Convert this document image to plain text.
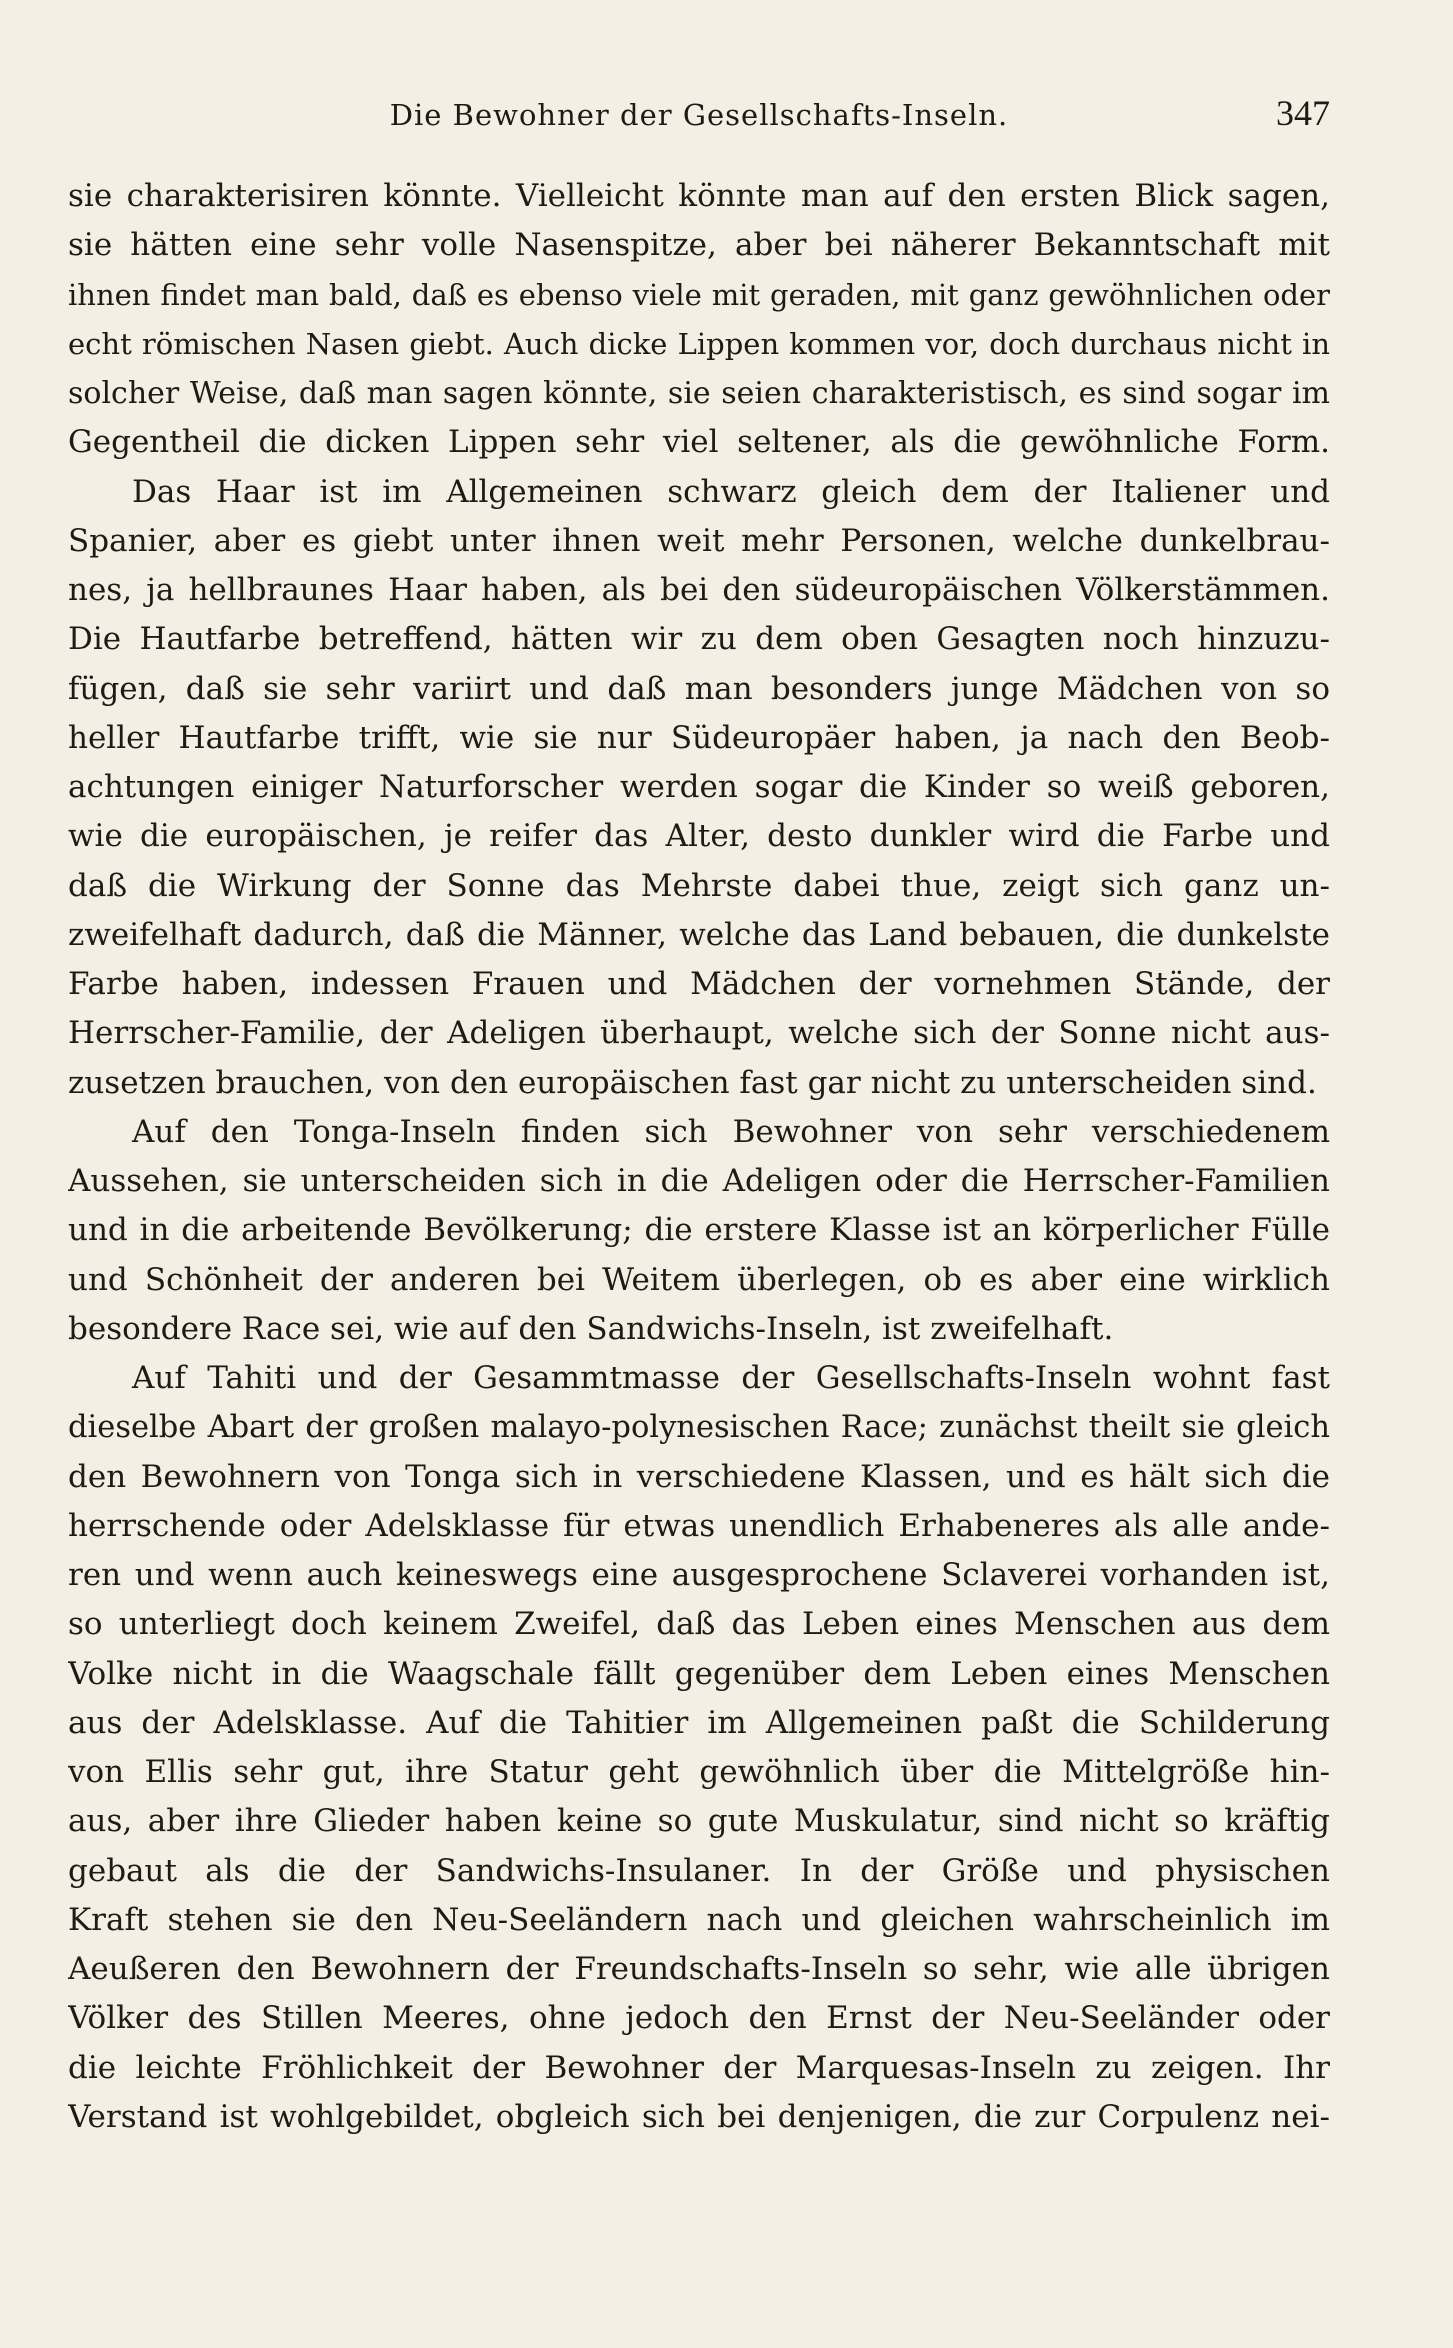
Die Bewohner der Gesellschafts-Inseln.	347
sie charakterisiren könnte. Vielleicht könnte man auf den ersten Blick sagen,
sie hätten eine sehr volle Nasenspitze, aber bei näherer Bekanntschaft mit
ihnen findet man bald, daß es ebenso viele mit geraden, mit ganz gewöhnlichen oder
echt römischen Nasen giebt. Auch dicke Lippen kommen vor, doch durchaus nicht in
solcher Weise, daß man sagen könnte, sie seien charakteristisch, es sind sogar im
Gegentheil die dicken Lippen sehr viel seltener, als die gewöhnliche Form.
Das Haar ist im Allgemeinen schwarz gleich dem der Italiener und
Spanier, aber es giebt unter ihnen weit mehr Personen, welche dunkelbrau-
nes, ja hellbraunes Haar haben, als bei den südeuropäischen Völkerstämmen.
Die Hautfarbe betreffend, hätten wir zu dem oben Gesagten noch hinzuzu-
fügen, daß sie sehr variirt und daß man besonders junge Mädchen von so
heller Hautfarbe trifft, wie sie nur Südeuropäer haben, ja nach den Beob-
achtungen einiger Naturforscher werden sogar die Kinder so weiß geboren,
wie die europäischen, je reifer das Alter, desto dunkler wird die Farbe und
daß die Wirkung der Sonne das Mehrste dabei thue, zeigt sich ganz un-
zweifelhaft dadurch, daß die Männer, welche das Land bebauen, die dunkelste
Farbe haben, indessen Frauen und Mädchen der vornehmen Stände, der
Herrscher-Familie, der Adeligen überhaupt, welche sich der Sonne nicht aus-
zusetzen brauchen, von den europäischen fast gar nicht zu unterscheiden sind.
Auf den Tonga-Inseln finden sich Bewohner von sehr verschiedenem
Aussehen, sie unterscheiden sich in die Adeligen oder die Herrscher-Familien
und in die arbeitende Bevölkerung; die erstere Klasse ist an körperlicher Fülle
und Schönheit der anderen bei Weitem überlegen, ob es aber eine wirklich
besondere Race sei, wie auf den Sandwichs-Inseln, ist zweifelhaft.
Auf Tahiti und der Gesammtmasse der Gesellschafts-Inseln wohnt fast
dieselbe Abart der großen malayo-polynesischen Race; zunächst theilt sie gleich
den Bewohnern von Tonga sich in verschiedene Klassen, und es hält sich die
herrschende oder Adelsklasse für etwas unendlich Erhabeneres als alle ande-
ren und wenn auch keineswegs eine ausgesprochene Sclaverei vorhanden ist,
so unterliegt doch keinem Zweifel, daß das Leben eines Menschen aus dem
Volke nicht in die Waagschale fällt gegenüber dem Leben eines Menschen
aus der Adelsklasse. Auf die Tahitier im Allgemeinen paßt die Schilderung
von Ellis sehr gut, ihre Statur geht gewöhnlich über die Mittelgröße hin-
aus, aber ihre Glieder haben keine so gute Muskulatur, sind nicht so kräftig
gebaut als die der Sandwichs-Insulaner. In der Größe und physischen
Kraft stehen sie den Neu-Seeländern nach und gleichen wahrscheinlich im
Aeußeren den Bewohnern der Freundschafts-Inseln so sehr, wie alle übrigen
Völker des Stillen Meeres, ohne jedoch den Ernst der Neu-Seeländer oder
die leichte Fröhlichkeit der Bewohner der Marquesas-Inseln zu zeigen. Ihr
Verstand ist wohlgebildet, obgleich sich bei denjenigen, die zur Corpulenz nei-
